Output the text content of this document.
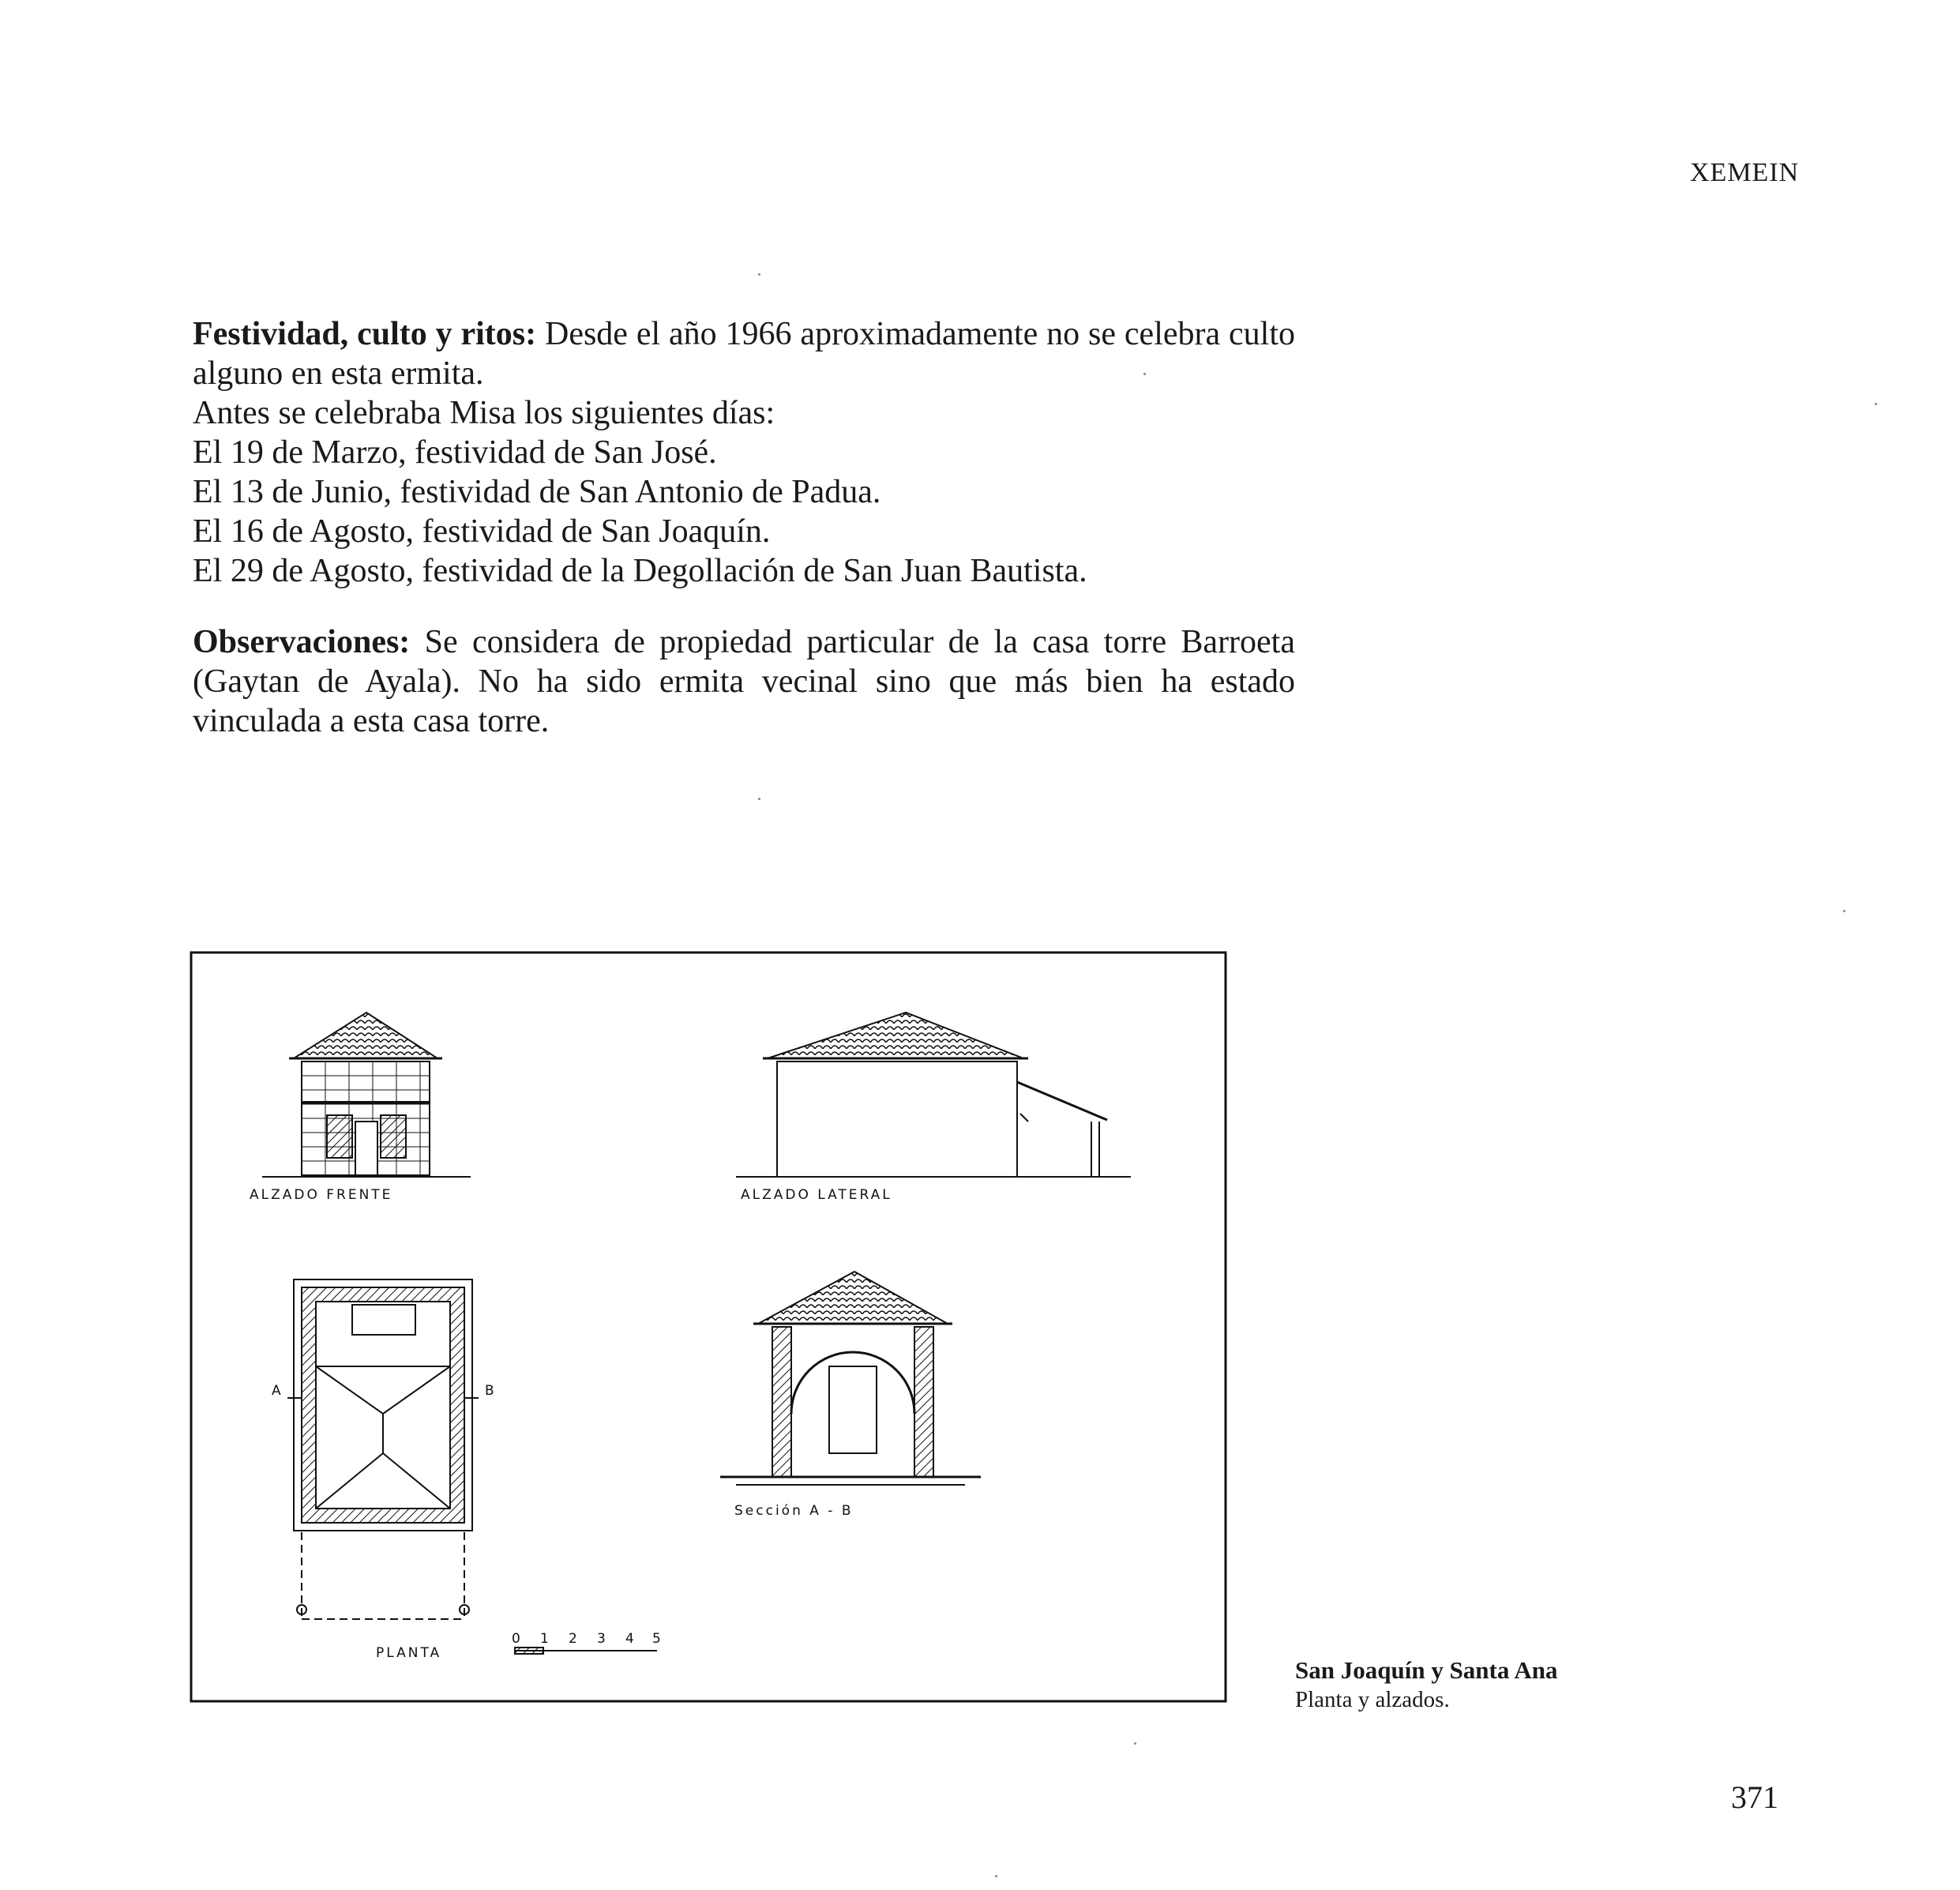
XEMEIN

Festividad, culto y ritos: Desde el año 1966 aproximadamente no se celebra culto alguno en esta ermita.

Antes se celebraba Misa los siguientes días:

El 19 de Marzo, festividad de San José.

El 13 de Junio, festividad de San Antonio de Padua.

El 16 de Agosto, festividad de San Joaquín.

El 29 de Agosto, festividad de la Degollación de San Juan Bautista.

Observaciones: Se considera de propiedad particular de la casa torre Barroeta (Gaytan de Ayala). No ha sido ermita vecinal sino que más bien ha estado vinculada a esta casa torre.

ALZADO FRENTE	ALZADO LATERAL
A	B
PLANTA
0 1 2 3 4 5
Sección A - B
San Joaquín y Santa Ana
Planta y alzados.
371
